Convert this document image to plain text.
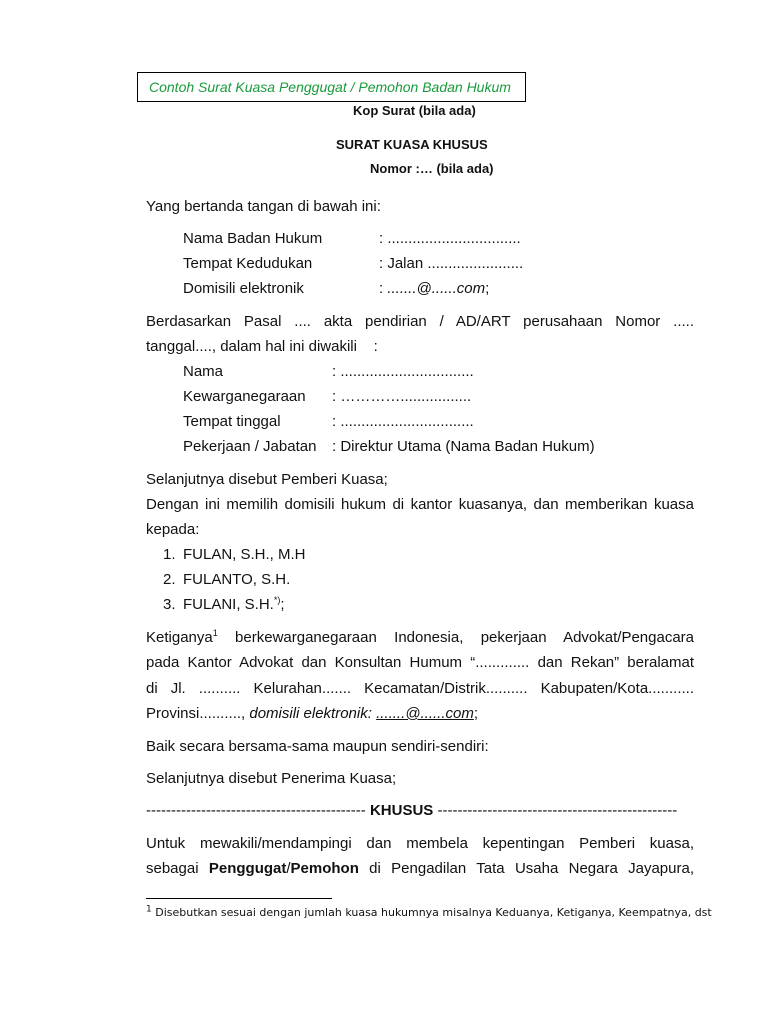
Contoh Surat Kuasa Penggugat / Pemohon Badan Hukum
Kop Surat (bila ada)
SURAT KUASA KHUSUS
Nomor :… (bila ada)
Yang bertanda tangan di bawah ini:
Nama Badan Hukum	: ................................
Tempat Kedudukan	: Jalan .......................
Domisili elektronik	: .......@......com;
Berdasarkan Pasal .... akta pendirian / AD/ART perusahaan Nomor .....
tanggal...., dalam hal ini diwakili    :
Nama	: ................................
Kewarganegaraan : ………….................
Tempat tinggal	: ................................
Pekerjaan / Jabatan : Direktur Utama (Nama Badan Hukum)
Selanjutnya disebut Pemberi Kuasa;
Dengan ini memilih domisili hukum di kantor kuasanya, dan memberikan kuasa
kepada:
1. FULAN, S.H., M.H
2. FULANTO, S.H.
3. FULANI, S.H.*);
Ketiganya$^1$ berkewarganegaraan Indonesia, pekerjaan Advokat/Pengacara
pada Kantor Advokat dan Konsultan Humum “............. dan Rekan” beralamat
di Jl. .......... Kelurahan....... Kecamatan/Distrik.......... Kabupaten/Kota...........
Provinsi.........., domisili elektronik: .......@......com;
Baik secara bersama-sama maupun sendiri-sendiri:
Selanjutnya disebut Penerima Kuasa;
-------------------------------------------- KHUSUS ------------------------------------------------
Untuk mewakili/mendampingi dan membela kepentingan Pemberi kuasa,
sebagai Penggugat/Pemohon di Pengadilan Tata Usaha Negara Jayapura,
$^1$ Disebutkan sesuai dengan jumlah kuasa hukumnya misalnya Keduanya, Ketiganya, Keempatnya, dst
